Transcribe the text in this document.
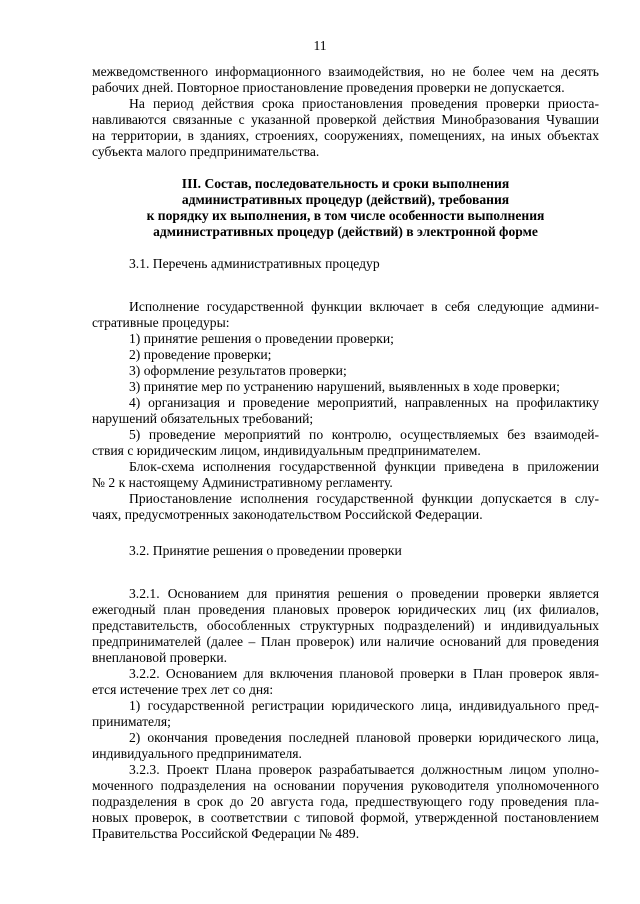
11

межведомственного информационного взаимодействия, но не более чем на десять

рабочих дней. Повторное приостановление проведения проверки не допускается.

На период действия срока приостановления проведения проверки приоста-

навливаются связанные с указанной проверкой действия Минобразования Чувашии

на территории, в зданиях, строениях, сооружениях, помещениях, на иных объектах

субъекта малого предпринимательства.

III. Состав, последовательность и сроки выполнения
административных процедур (действий), требования
к порядку их выполнения, в том числе особенности выполнения
административных процедур (действий) в электронной форме

3.1. Перечень административных процедур

Исполнение государственной функции включает в себя следующие админи-

стративные процедуры:

1) принятие решения о проведении проверки;

2) проведение проверки;

3) оформление результатов проверки;

3) принятие мер по устранению нарушений, выявленных в ходе проверки;

4) организация и проведение мероприятий, направленных на профилактику

нарушений обязательных требований;

5) проведение мероприятий по контролю, осуществляемых без взаимодей-

ствия с юридическим лицом, индивидуальным предпринимателем.

Блок-схема исполнения государственной функции приведена в приложении

№ 2 к настоящему Административному регламенту.

Приостановление исполнения государственной функции допускается в слу-

чаях, предусмотренных законодательством Российской Федерации.

3.2. Принятие решения о проведении проверки

3.2.1. Основанием для принятия решения о проведении проверки является

ежегодный план проведения плановых проверок юридических лиц (их филиалов,

представительств, обособленных структурных подразделений) и индивидуальных

предпринимателей (далее – План проверок) или наличие оснований для проведения

внеплановой проверки.

3.2.2. Основанием для включения плановой проверки в План проверок явля-

ется истечение трех лет со дня:

1) государственной регистрации юридического лица, индивидуального пред-

принимателя;

2) окончания проведения последней плановой проверки юридического лица,

индивидуального предпринимателя.

3.2.3. Проект Плана проверок разрабатывается должностным лицом уполно-

моченного подразделения на основании поручения руководителя уполномоченного

подразделения в срок до 20 августа года, предшествующего году проведения пла-

новых проверок, в соответствии с типовой формой, утвержденной постановлением

Правительства Российской Федерации № 489.
